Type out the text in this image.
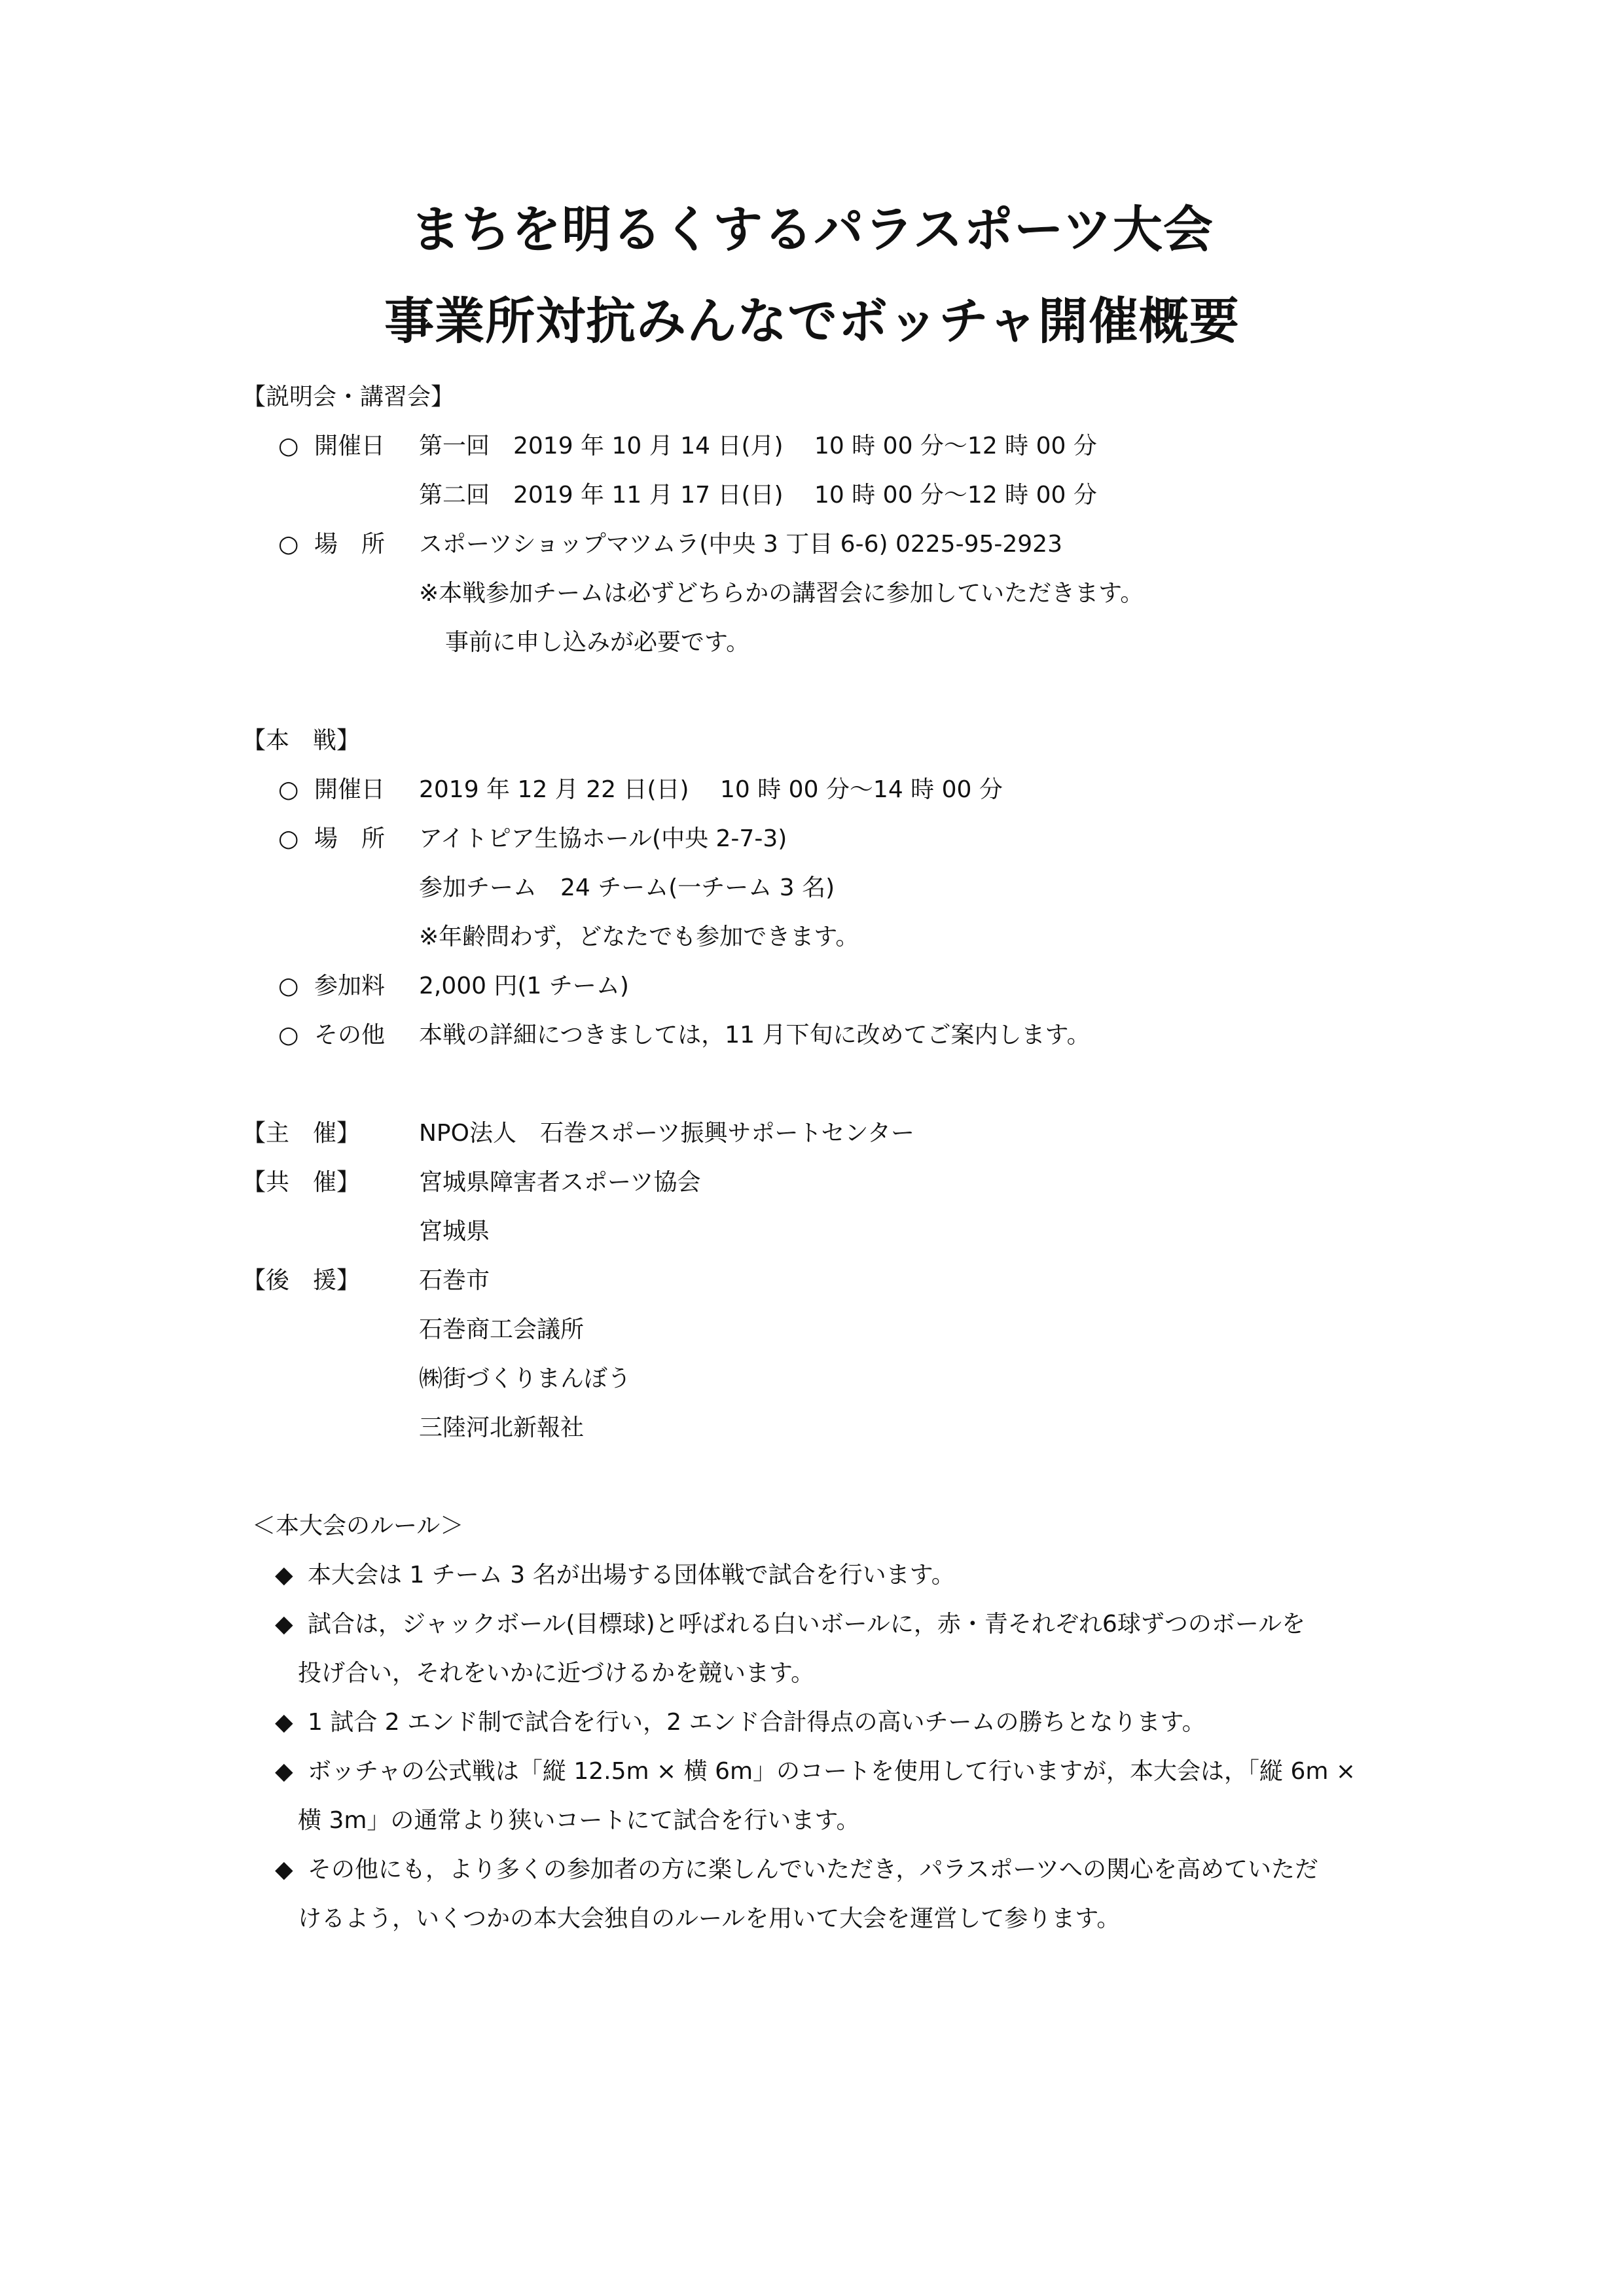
まちを明るくするパラスポーツ大会
事業所対抗みんなでボッチャ開催概要
【説明会・講習会】
○ 開催日 第一回　2019 年 10 月 14 日(月)　 10 時 00 分～12 時 00 分
第二回　2019 年 11 月 17 日(日)　 10 時 00 分～12 時 00 分
○ 場　所 スポーツショップマツムラ(中央 3 丁目 6-6) 0225-95-2923
※本戦参加チームは必ずどちらかの講習会に参加していただきます。
事前に申し込みが必要です。
【本　戦】
○ 開催日 2019 年 12 月 22 日(日)　 10 時 00 分～14 時 00 分
○ 場　所 アイトピア生協ホール(中央 2-7-3)
参加チーム　24 チーム(一チーム 3 名)
※年齢問わず，どなたでも参加できます。
○ 参加料 2,000 円(1 チーム)
○ その他 本戦の詳細につきましては，11 月下旬に改めてご案内します。
【主　催】 NPO法人　石巻スポーツ振興サポートセンター
【共　催】 宮城県障害者スポーツ協会
宮城県
【後　援】 石巻市
石巻商工会議所
㈱街づくりまんぼう
三陸河北新報社
＜本大会のルール＞
◆ 本大会は 1 チーム 3 名が出場する団体戦で試合を行います。
◆ 試合は，ジャックボール(目標球)と呼ばれる白いボールに，赤・青それぞれ6球ずつのボールを
投げ合い，それをいかに近づけるかを競います。
◆ 1 試合 2 エンド制で試合を行い，2 エンド合計得点の高いチームの勝ちとなります。
◆ ボッチャの公式戦は「縦 12.5m × 横 6m」のコートを使用して行いますが，本大会は，「縦 6m ×
横 3m」の通常より狭いコートにて試合を行います。
◆ その他にも，より多くの参加者の方に楽しんでいただき，パラスポーツへの関心を高めていただ
けるよう，いくつかの本大会独自のルールを用いて大会を運営して参ります。
